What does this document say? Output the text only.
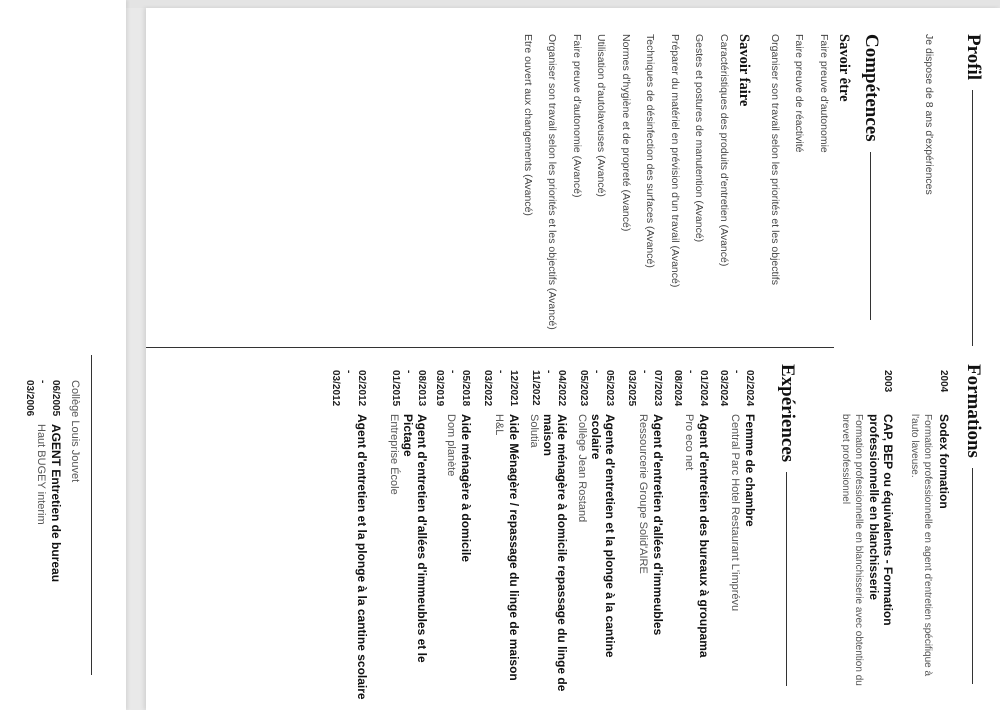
Collège Louis Jouvet
06/2005
-
03/2006
AGENT Entretien de bureau
Haut BUGEY interim
Profil
Je dispose de 8 ans d'expériences
Compétences
Savoir être
Faire preuve d'autonomie
Faire preuve de réactivité
Organiser son travail selon les priorités et les objectifs
Savoir faire
Caractéristiques des produits d'entretien (Avancé)
Gestes et postures de manutention (Avancé)
Préparer du matériel en prévision d'un travail (Avancé)
Techniques de désinfection des surfaces (Avancé)
Normes d'hygiène et de propreté (Avancé)
Utilisation d'autolaveuses (Avancé)
Faire preuve d'autonomie (Avancé)
Organiser son travail selon les priorités et les objectifs (Avancé)
Etre ouvert aux changements (Avancé)
Formations
2004
Sodex formation
Formation professionnelle en agent d'entretien spécifique à l'auto laveuse.
2003
CAP, BEP ou équivalents - Formation professionnelle en blanchisserie
Formation professionnelle en blanchisserie avec obtention du brevet professionnel
Expériences
02/2024
-
03/2024
Femme de chambre
Central Parc Hotel Restaurant L'imprévu
01/2024
-
08/2024
Agent d'entretien des bureaux à groupama
Pro eco net
07/2023
-
03/2025
Agent d'entretien d'allées d'immeubles
Ressourcerie Groupe Solid'AIRE
05/2023
-
05/2023
Agente d'entretien et la plonge à la cantine scolaire
Collège Jean Rostand
04/2022
-
11/2022
Aide ménagère à domicile repassage du linge de maison
Solutia
12/2021
-
03/2022
Aide Ménagère / repassage du linge de maison
H&L
05/2018
-
03/2019
Aide ménagère à domicile
Dom planète
08/2013
-
01/2015
Agent d'entretien d'allées d'immeubles et le Pictage
Entreprise École
02/2012
-
03/2012
Agent d'entretien et la plonge à la cantine scolaire
